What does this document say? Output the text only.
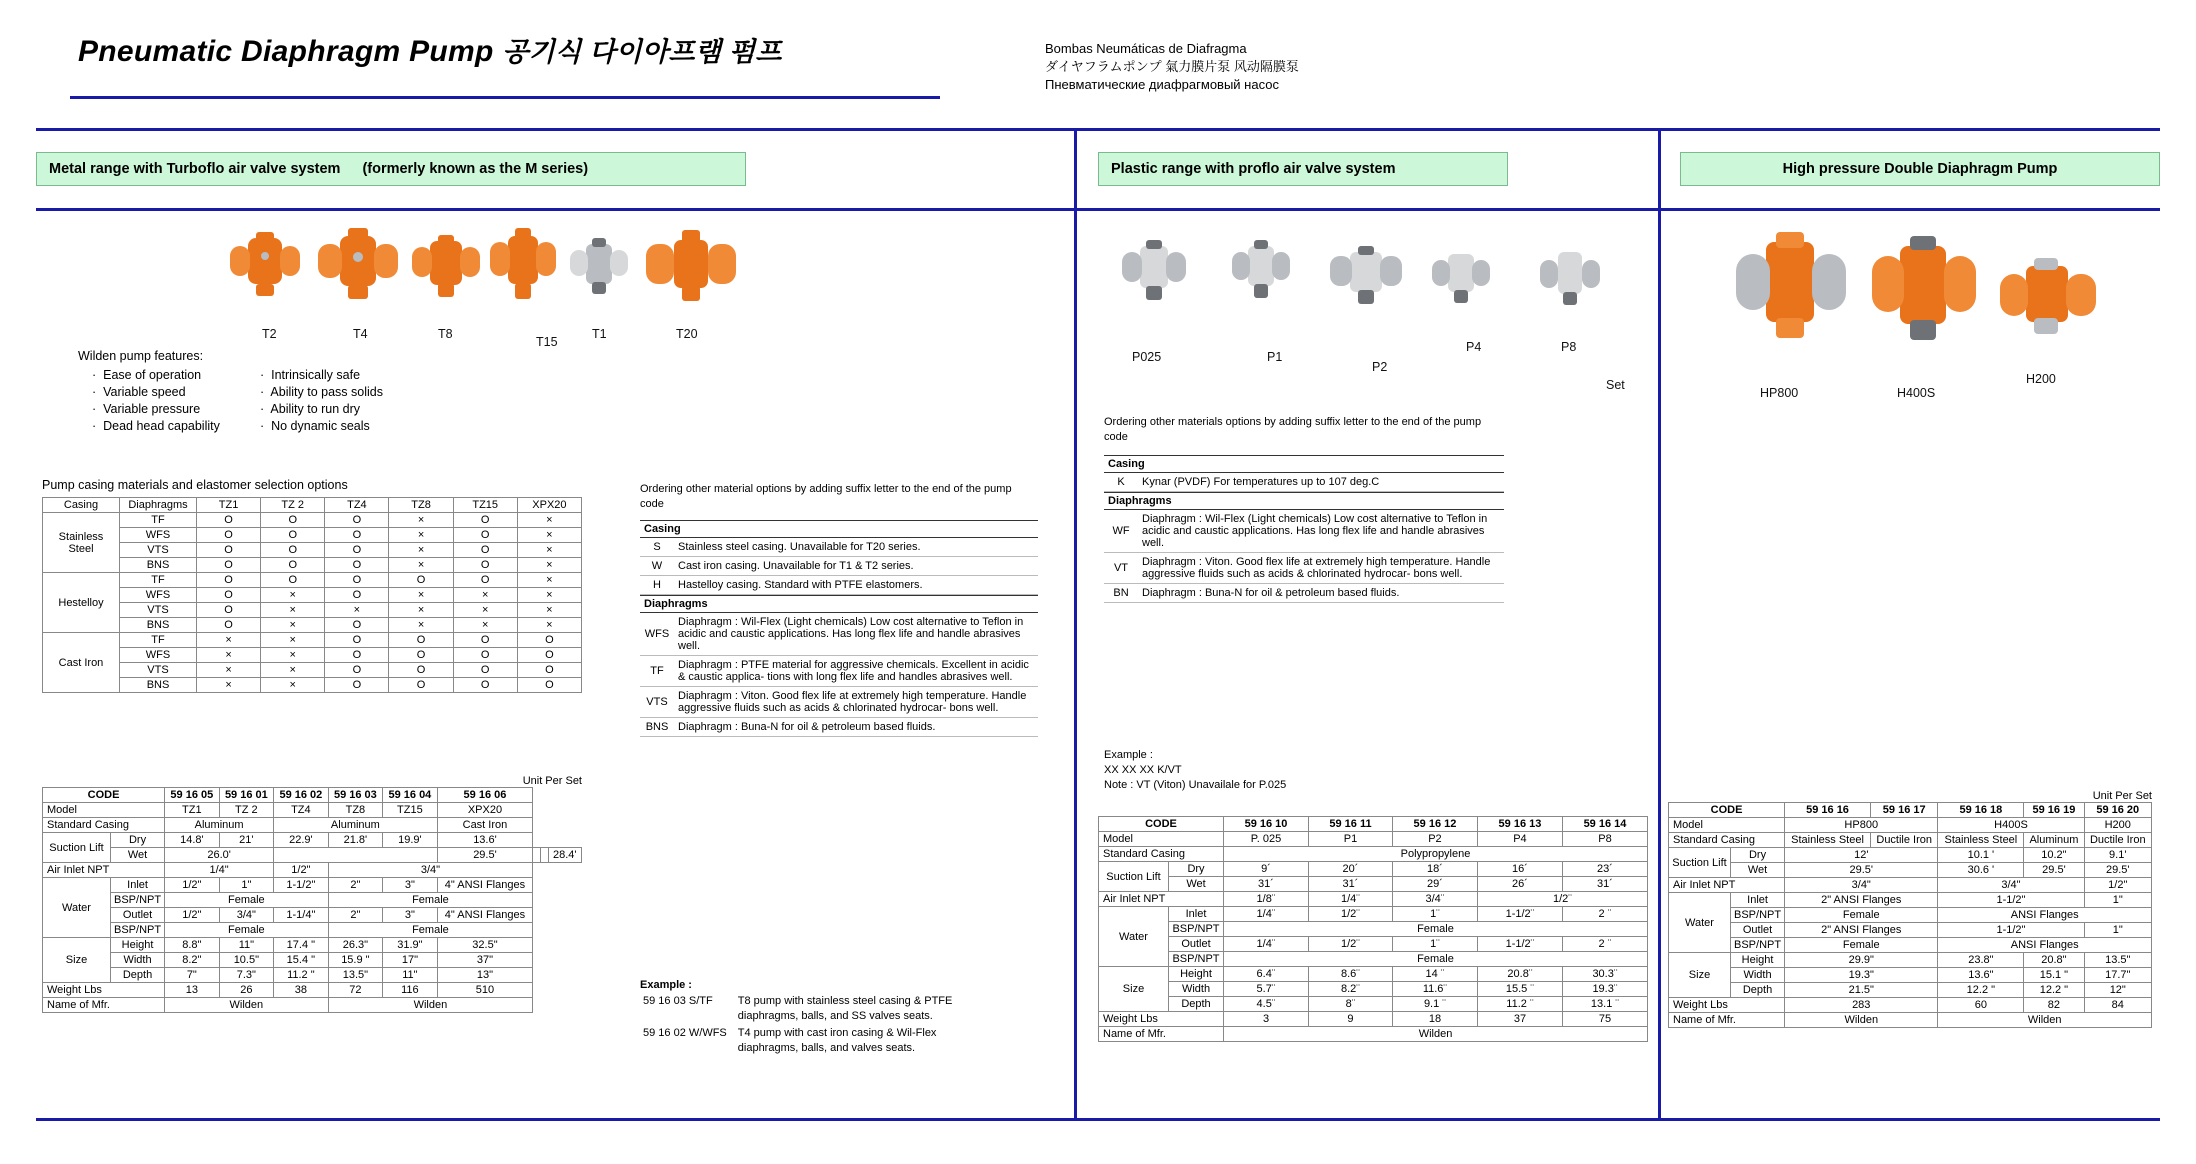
Pneumatic Diaphragm Pump 공기식 다이아프램 펌프	Bombas Neumáticas de Diafragma
ダイヤフラムポンプ 氣力膜片泵 风动隔膜泵
Пневматические диафрагмовый насос
Metal range with Turboflo air valve system (formerly known as the M series)	Plastic range with proflo air valve system	High pressure Double Diaphragm Pump
T2	T4	T8
T15
T1	T20
Wilden pump features:
·  Ease of operation
·  Variable speed
·  Variable pressure
·  Dead head capability
·  Intrinsically safe
·  Ability to pass solids
·  Ability to run dry
·  No dynamic seals
Pump casing materials and elastomer selection options
Casing	Diaphragms	TZ1	TZ 2	TZ4	TZ8	TZ15	XPX20
Stainless Steel	TF	O	O	O	×	O	×
	WFS	O	O	O	×	O	×
	VTS	O	O	O	×	O	×
	BNS	O	O	O	×	O	×
Hestelloy	TF	O	O	O	O	O	×
	WFS	O	×	O	×	×	×
	VTS	O	×	×	×	×	×
	BNS	O	×	O	×	×	×
Cast Iron	TF	×	×	O	O	O	O
	WFS	×	×	O	O	O	O
	VTS	×	×	O	O	O	O
	BNS	×	×	O	O	O	O
Unit Per Set
CODE		59 16 05	59 16 01	59 16 02	59 16 03	59 16 04	59 16 06			
Model		TZ1	TZ 2	TZ4	TZ8	TZ15	XPX20			
Standard Casing		Aluminum		Aluminum			Cast Iron			
Suction Lift	Dry	14.8'	21'	22.9'	21.8'	19.9'	13.6'			
	Wet	26.0'					29.5'			28.4'
Air Inlet NPT		1/4"		1/2"	3/4"					
Water	Inlet	1/2"	1"	1-1/2"	2"	3"	4" ANSI Flanges			
	BSP/NPT	Female			Female					
	Outlet	1/2"	3/4"	1-1/4"	2"	3"	4" ANSI Flanges			
	BSP/NPT	Female			Female					
Size	Height	8.8"	11"	17.4 "	26.3"	31.9"	32.5"			
	Width	8.2"	10.5"	15.4 "	15.9 "	17"	37"			
	Depth	7"	7.3"	11.2 "	13.5"	11"	13"			
Weight Lbs		13	26	38	72	116	510			
Name of Mfr.		Wilden			Wilden					
Ordering other material options by adding suffix letter to the end of the pump code
Casing
S	Stainless steel casing. Unavailable for T20 series.
W	Cast iron casing. Unavailable for T1 & T2 series.
H	Hastelloy casing. Standard with PTFE elastomers.
Diaphragms
WFS	Diaphragm : Wil-Flex (Light chemicals) Low cost alternative to Teflon in acidic and caustic applications. Has long flex life and handle abrasives well.
TF	Diaphragm : PTFE material for aggressive chemicals. Excellent in acidic & caustic applica- tions with long flex life and handles abrasives well.
VTS	Diaphragm : Viton. Good flex life at extremely high temperature. Handle aggressive fluids such as acids & chlorinated hydrocar- bons well.
BNS	Diaphragm : Buna-N for oil & petroleum based fluids.
Example :
59 16 03 S/TF	T8 pump with stainless steel casing & PTFE diaphragms, balls, and SS valves seats.
59 16 02 W/WFS	T4 pump with cast iron casing & Wil-Flex diaphragms, balls, and valves seats.
P025	P1
P2
P4	P8
Set
Ordering other materials options by adding suffix letter to the end of the pump code
Casing
K	Kynar (PVDF) For temperatures up to 107 deg.C
Diaphragms
WF	Diaphragm : Wil-Flex (Light chemicals) Low cost alternative to Teflon in acidic and caustic applications. Has long flex life and handle abrasives well.
VT	Diaphragm : Viton. Good flex life at extremely high temperature. Handle aggressive fluids such as acids & chlorinated hydrocar- bons well.
BN	Diaphragm : Buna-N for oil & petroleum based fluids.
Example :
XX XX XX K/VT
Note : VT (Viton) Unavailale for P.025
CODE		59 16 10	59 16 11	59 16 12	59 16 13	59 16 14
Model		P. 025	P1	P2	P4	P8
Standard Casing		Polypropylene				
Suction Lift	Dry	9´	20´	18´	16´	23´
	Wet	31´	31´	29´	26´	31´
Air Inlet NPT		1/8¨	1/4¨	3/4¨	1/2¨	
Water	Inlet	1/4¨	1/2¨	1¨	1-1/2¨	2 ¨
	BSP/NPT	Female				
	Outlet	1/4¨	1/2¨	1¨	1-1/2¨	2 ¨
	BSP/NPT	Female				
Size	Height	6.4¨	8.6¨	14 ¨	20.8¨	30.3¨
	Width	5.7¨	8.2¨	11.6¨	15.5 ¨	19.3¨
	Depth	4.5¨	8¨	9.1 ¨	11.2 ¨	13.1 ¨
Weight Lbs		3	9	18	37	75
Name of Mfr.		Wilden				
HP800	H400S
H200
Unit Per Set
CODE		59 16 16	59 16 17	59 16 18	59 16 19	59 16 20
Model		HP800		H400S		H200
Standard Casing		Stainless Steel	Ductile Iron	Stainless Steel	Aluminum	Ductile Iron
Suction Lift	Dry	12'		10.1 '	10.2"	9.1'
	Wet	29.5'		30.6 '	29.5'	29.5'
Air Inlet NPT		3/4"		3/4"		1/2"
Water	Inlet	2" ANSI Flanges		1-1/2"		1"
	BSP/NPT	Female		ANSI Flanges		
	Outlet	2" ANSI Flanges		1-1/2"		1"
	BSP/NPT	Female		ANSI Flanges		
Size	Height	29.9"		23.8"	20.8"	13.5"
	Width	19.3"		13.6"	15.1 "	17.7"
	Depth	21.5"		12.2 "	12.2 "	12"
Weight Lbs		283		60	82	84
Name of Mfr.		Wilden		Wilden		
